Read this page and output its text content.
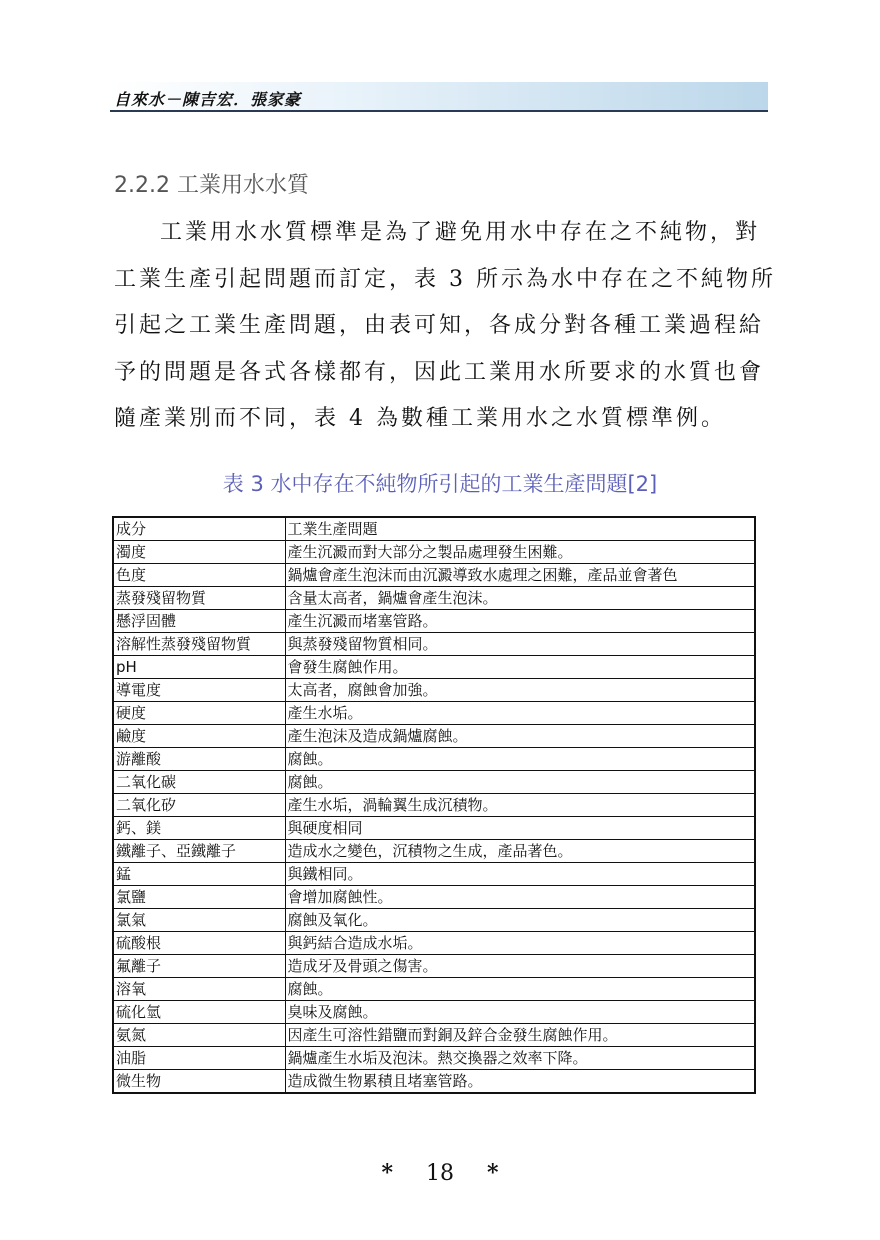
自來水－陳吉宏．張家豪
2.2.2 工業用水水質
工業用水水質標準是為了避免用水中存在之不純物，對
工業生產引起問題而訂定，表 3 所示為水中存在之不純物所
引起之工業生產問題，由表可知，各成分對各種工業過程給
予的問題是各式各樣都有，因此工業用水所要求的水質也會
隨產業別而不同，表 4 為數種工業用水之水質標準例。
表 3 水中存在不純物所引起的工業生產問題[2]
成分	工業生產問題
濁度	產生沉澱而對大部分之製品處理發生困難。
色度	鍋爐會產生泡沫而由沉澱導致水處理之困難，產品並會著色
蒸發殘留物質	含量太高者，鍋爐會產生泡沫。
懸浮固體	產生沉澱而堵塞管路。
溶解性蒸發殘留物質	與蒸發殘留物質相同。
pH	會發生腐蝕作用。
導電度	太高者，腐蝕會加強。
硬度	產生水垢。
鹼度	產生泡沫及造成鍋爐腐蝕。
游離酸	腐蝕。
二氧化碳	腐蝕。
二氧化矽	產生水垢，渦輪翼生成沉積物。
鈣、鎂	與硬度相同
鐵離子、亞鐵離子	造成水之變色，沉積物之生成，產品著色。
錳	與鐵相同。
氯鹽	會增加腐蝕性。
氯氣	腐蝕及氧化。
硫酸根	與鈣結合造成水垢。
氟離子	造成牙及骨頭之傷害。
溶氧	腐蝕。
硫化氫	臭味及腐蝕。
氨氮	因產生可溶性錯鹽而對銅及鋅合金發生腐蝕作用。
油脂	鍋爐產生水垢及泡沫。熱交換器之效率下降。
微生物	造成微生物累積且堵塞管路。
* 18 *
